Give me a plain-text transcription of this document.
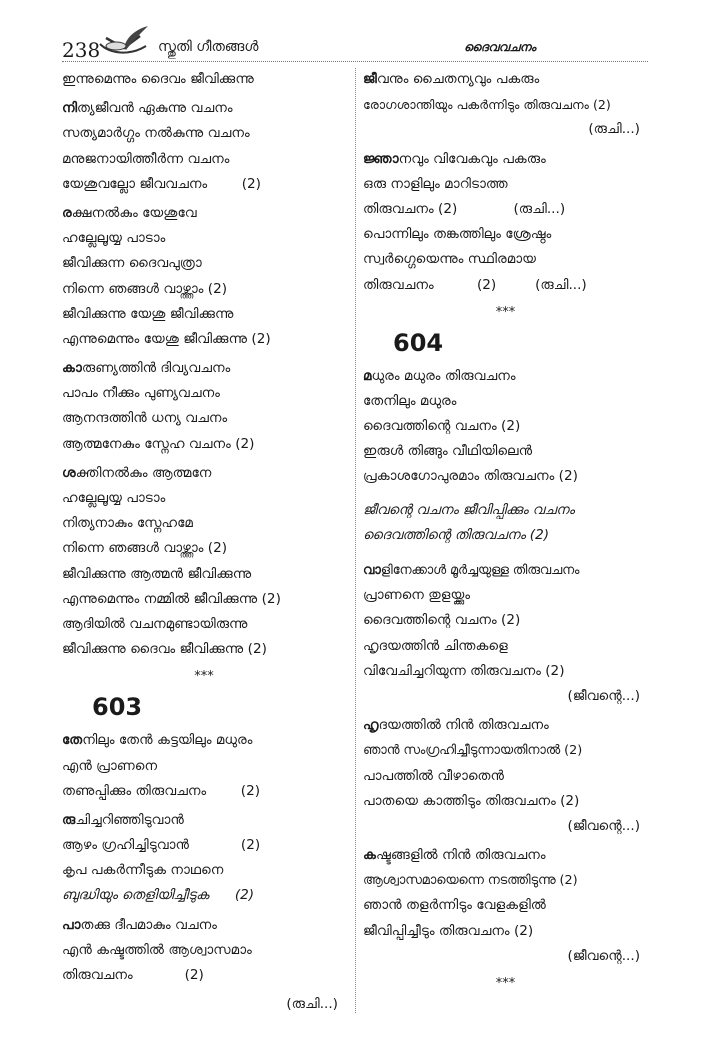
238	സ്തുതി ഗീതങ്ങൾ	ദൈവവചനം
ഇന്നുമെന്നും ദൈവം ജീവിക്കുന്നു
നിത്യജീവൻ ഏകുന്നു വചനം
സത്യമാർഗ്ഗം നൽകുന്നു വചനം
മനുജനായിത്തീർന്ന വചനം
യേശുവല്ലോ ജീവവചനം        (2)
രക്ഷനൽകും യേശുവേ
ഹല്ലേലൂയ്യ പാടാം
ജീവിക്കുന്ന ദൈവപുത്രാ
നിന്നെ ഞങ്ങൾ വാഴ്ത്താം (2)
ജീവിക്കുന്നു യേശു ജീവിക്കുന്നു
എന്നുമെന്നും യേശു ജീവിക്കുന്നു (2)
കാരുണ്യത്തിൻ ദിവ്യവചനം
പാപം നീക്കും പുണ്യവചനം
ആനന്ദത്തിൻ ധന്യ വചനം
ആത്മനേകും സ്നേഹ വചനം (2)
ശക്തിനൽകും ആത്മനേ
ഹല്ലേലൂയ്യ പാടാം
നിത്യനാകും സ്നേഹമേ
നിന്നെ ഞങ്ങൾ വാഴ്ത്താം (2)
ജീവിക്കുന്നു ആത്മൻ ജീവിക്കുന്നു
എന്നുമെന്നും നമ്മിൽ ജീവിക്കുന്നു (2)
ആദിയിൽ വചനമുണ്ടായിരുന്നു
ജീവിക്കുന്നു ദൈവം ജീവിക്കുന്നു (2)
***
603
തേനിലും തേൻ കട്ടയിലും മധുരം
എൻ പ്രാണനെ
തണുപ്പിക്കും തിരുവചനം        (2)
രുചിച്ചറിഞ്ഞിടുവാൻ
ആഴം ഗ്രഹിച്ചിടുവാൻ            (2)
കൃപ പകർന്നീടുക നാഥനെ
ബുദ്ധിയും തെളിയിച്ചീടുക      (2)
പാതക്കു ദീപമാകും വചനം
എൻ കഷ്ടത്തിൽ ആശ്വാസമാം
തിരുവചനം            (2)
(രുചി...)
ജീവനും ചൈതന്യവും പകരും
രോഗശാന്തിയും പകർന്നിടും തിരുവചനം (2)
(രുചി...)
ജ്ഞാനവും വിവേകവും പകരും
ഒരു നാളിലും മാറിടാത്ത
തിരുവചനം (2)             (രുചി...)
പൊന്നിലും തങ്കത്തിലും ശ്രേഷ്ഠം
സ്വർഗ്ഗെയെന്നും സ്ഥിരമായ
തിരുവചനം          (2)         (രുചി...)
***
604
മധുരം മധുരം തിരുവചനം
തേനിലും മധുരം
ദൈവത്തിന്റെ വചനം (2)
ഇരുൾ തിങ്ങും വീഥിയിലെൻ
പ്രകാശഗോപുരമാം തിരുവചനം (2)
ജീവന്റെ വചനം ജീവിപ്പിക്കും വചനം
ദൈവത്തിന്റെ തിരുവചനം (2)
വാളിനേക്കാൾ മൂർച്ചയുള്ള തിരുവചനം
പ്രാണനെ തുളയ്ക്കും
ദൈവത്തിന്റെ വചനം (2)
ഹൃദയത്തിൻ ചിന്തകളെ
വിവേചിച്ചറിയുന്ന തിരുവചനം (2)
(ജീവന്റെ...)
ഹൃദയത്തിൽ നിൻ തിരുവചനം
ഞാൻ സംഗ്രഹിച്ചീടുന്നായതിനാൽ (2)
പാപത്തിൽ വീഴാതെൻ
പാതയെ കാത്തിടും തിരുവചനം (2)
(ജീവന്റെ...)
കഷ്ടങ്ങളിൽ നിൻ തിരുവചനം
ആശ്വാസമായെന്നെ നടത്തിടുന്നു (2)
ഞാൻ തളർന്നിടും വേളകളിൽ
ജീവിപ്പിച്ചീടും തിരുവചനം (2)
(ജീവന്റെ...)
***
